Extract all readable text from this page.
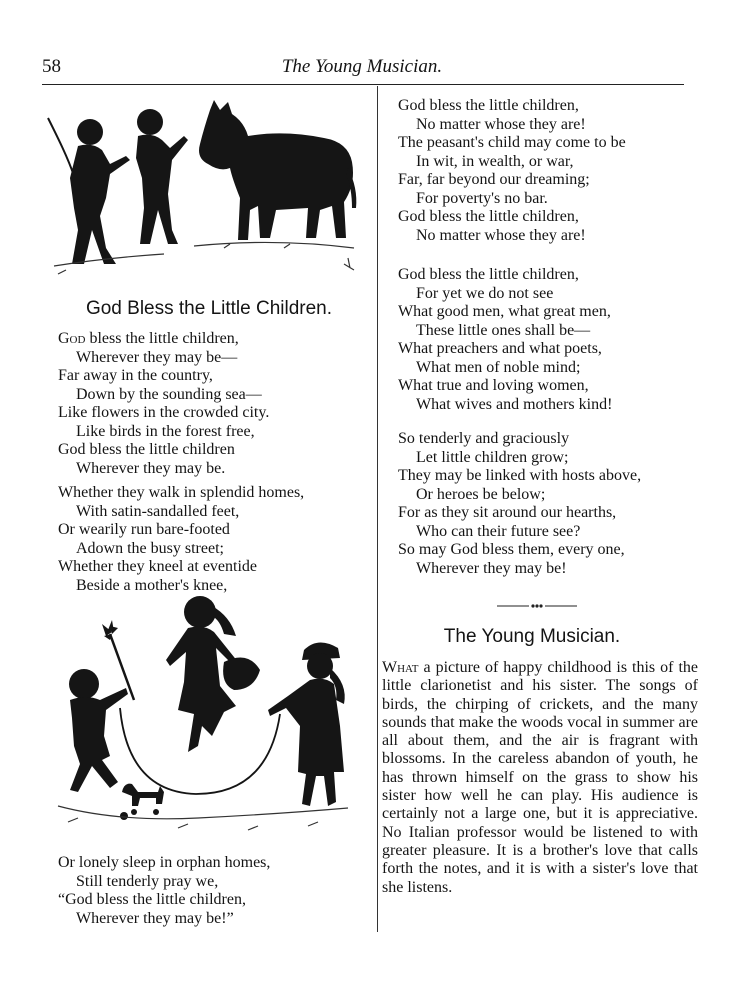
58	The Young Musician.
God Bless the Little Children.
God bless the little children,
Wherever they may be—
Far away in the country,
Down by the sounding sea—
Like flowers in the crowded city.
Like birds in the forest free,
God bless the little children
Wherever they may be.
Whether they walk in splendid homes,
With satin-sandalled feet,
Or wearily run bare-footed
Adown the busy street;
Whether they kneel at eventide
Beside a mother's knee,
Or lonely sleep in orphan homes,
Still tenderly pray we,
“God bless the little children,
Wherever they may be!”
God bless the little children,
No matter whose they are!
The peasant's child may come to be
In wit, in wealth, or war,
Far, far beyond our dreaming;
For poverty's no bar.
God bless the little children,
No matter whose they are!
God bless the little children,
For yet we do not see
What good men, what great men,
These little ones shall be—
What preachers and what poets,
What men of noble mind;
What true and loving women,
What wives and mothers kind!
So tenderly and graciously
Let little children grow;
They may be linked with hosts above,
Or heroes be below;
For as they sit around our hearths,
Who can their future see?
So may God bless them, every one,
Wherever they may be!
The Young Musician.
What a picture of happy childhood is this of the little clarionetist and his sister. The songs of birds, the chirping of crickets, and the many sounds that make the woods vocal in summer are all about them, and the air is fragrant with blossoms. In the careless abandon of youth, he has thrown himself on the grass to show his sister how well he can play. His audience is certainly not a large one, but it is appreciative. No Italian professor would be listened to with greater pleasure. It is a brother's love that calls forth the notes, and it is with a sister's love that she listens.
